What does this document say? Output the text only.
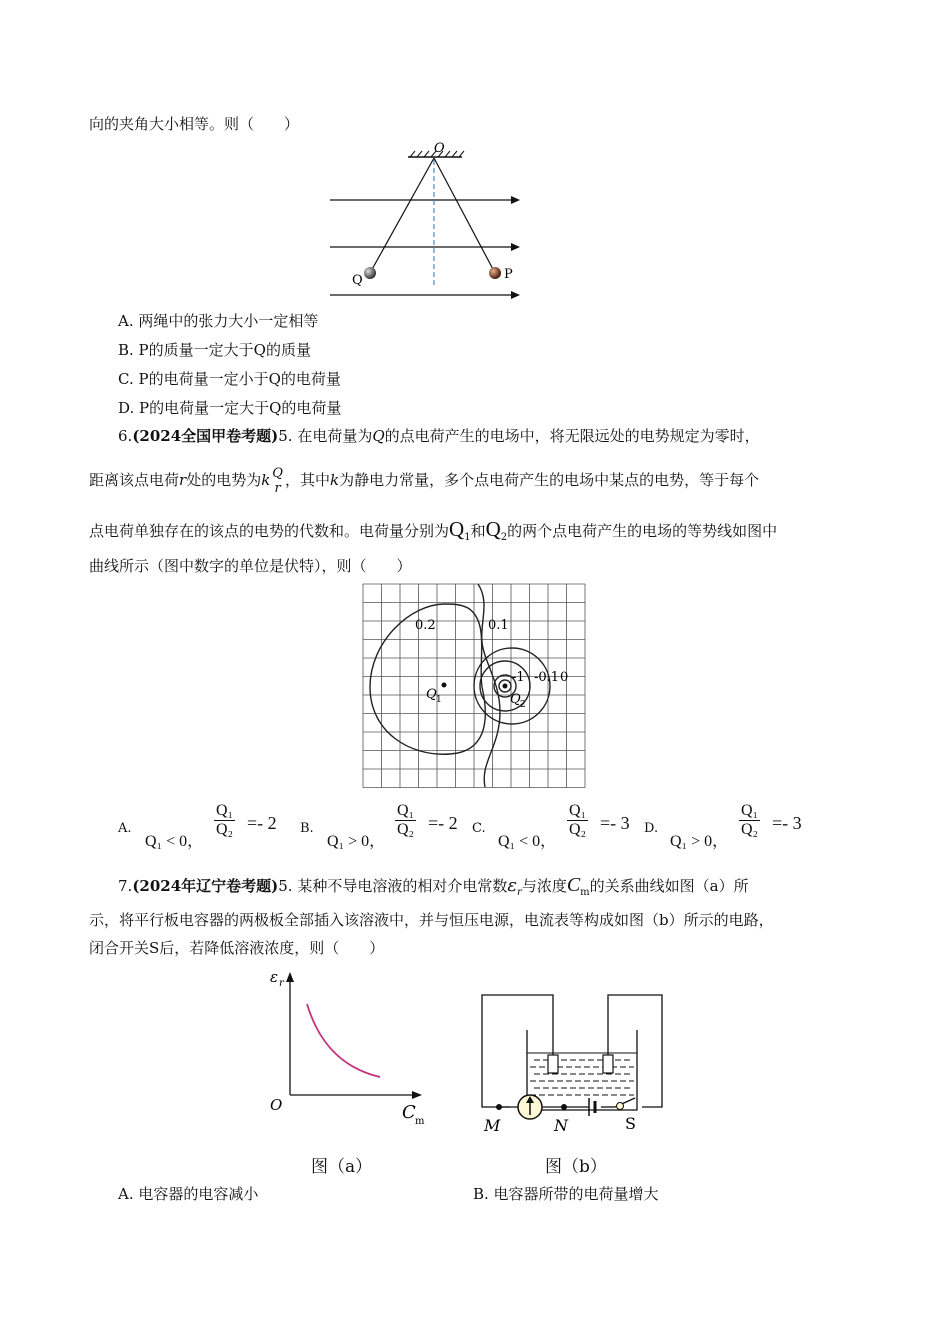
向的夹角大小相等。则（　　）
O
Q	P
A. 两绳中的张力大小一定相等
B. P的质量一定大于Q的质量
C. P的电荷量一定小于Q的电荷量
D. P的电荷量一定大于Q的电荷量
6.(2024全国甲卷考题)5. 在电荷量为Q的点电荷产生的电场中，将无限远处的电势规定为零时，
距离该点电荷r处的电势为k Q
r ，其中k为静电力常量，多个点电荷产生的电场中某点的电势，等于每个
点电荷单独存在的该点的电势的代数和。电荷量分别为$Q_1$和$Q_2$的两个点电荷产生的电场的等势线如图中
曲线所示（图中数字的单位是伏特），则（　　）
0.2	0.1
-1 -0.1 0
Q 1	Q 2
A.
Q₁ < 0，
$\frac{\text{Q₁}}{\text{Q₂}} =- 2$ B.
Q₁ > 0，
$\frac{\text{Q₁}}{\text{Q₂}} =- 2$ C.
Q₁ < 0，
$\frac{\text{Q₁}}{\text{Q₂}} =- 3$ D.
Q₁ > 0，
$\frac{\text{Q₁}}{\text{Q₂}} =- 3$
7.(2024年辽宁卷考题)5. 某种不导电溶液的相对介电常数$\varepsilon_r$与浓度$C_m$的关系曲线如图（a）所
示，将平行板电容器的两极板全部插入该溶液中，并与恒压电源，电流表等构成如图（b）所示的电路，
闭合开关S后，若降低溶液浓度，则（　　）
ε r
O	C m
图（a）
M	N	S
图（b）
A. 电容器的电容减小	B. 电容器所带的电荷量增大
